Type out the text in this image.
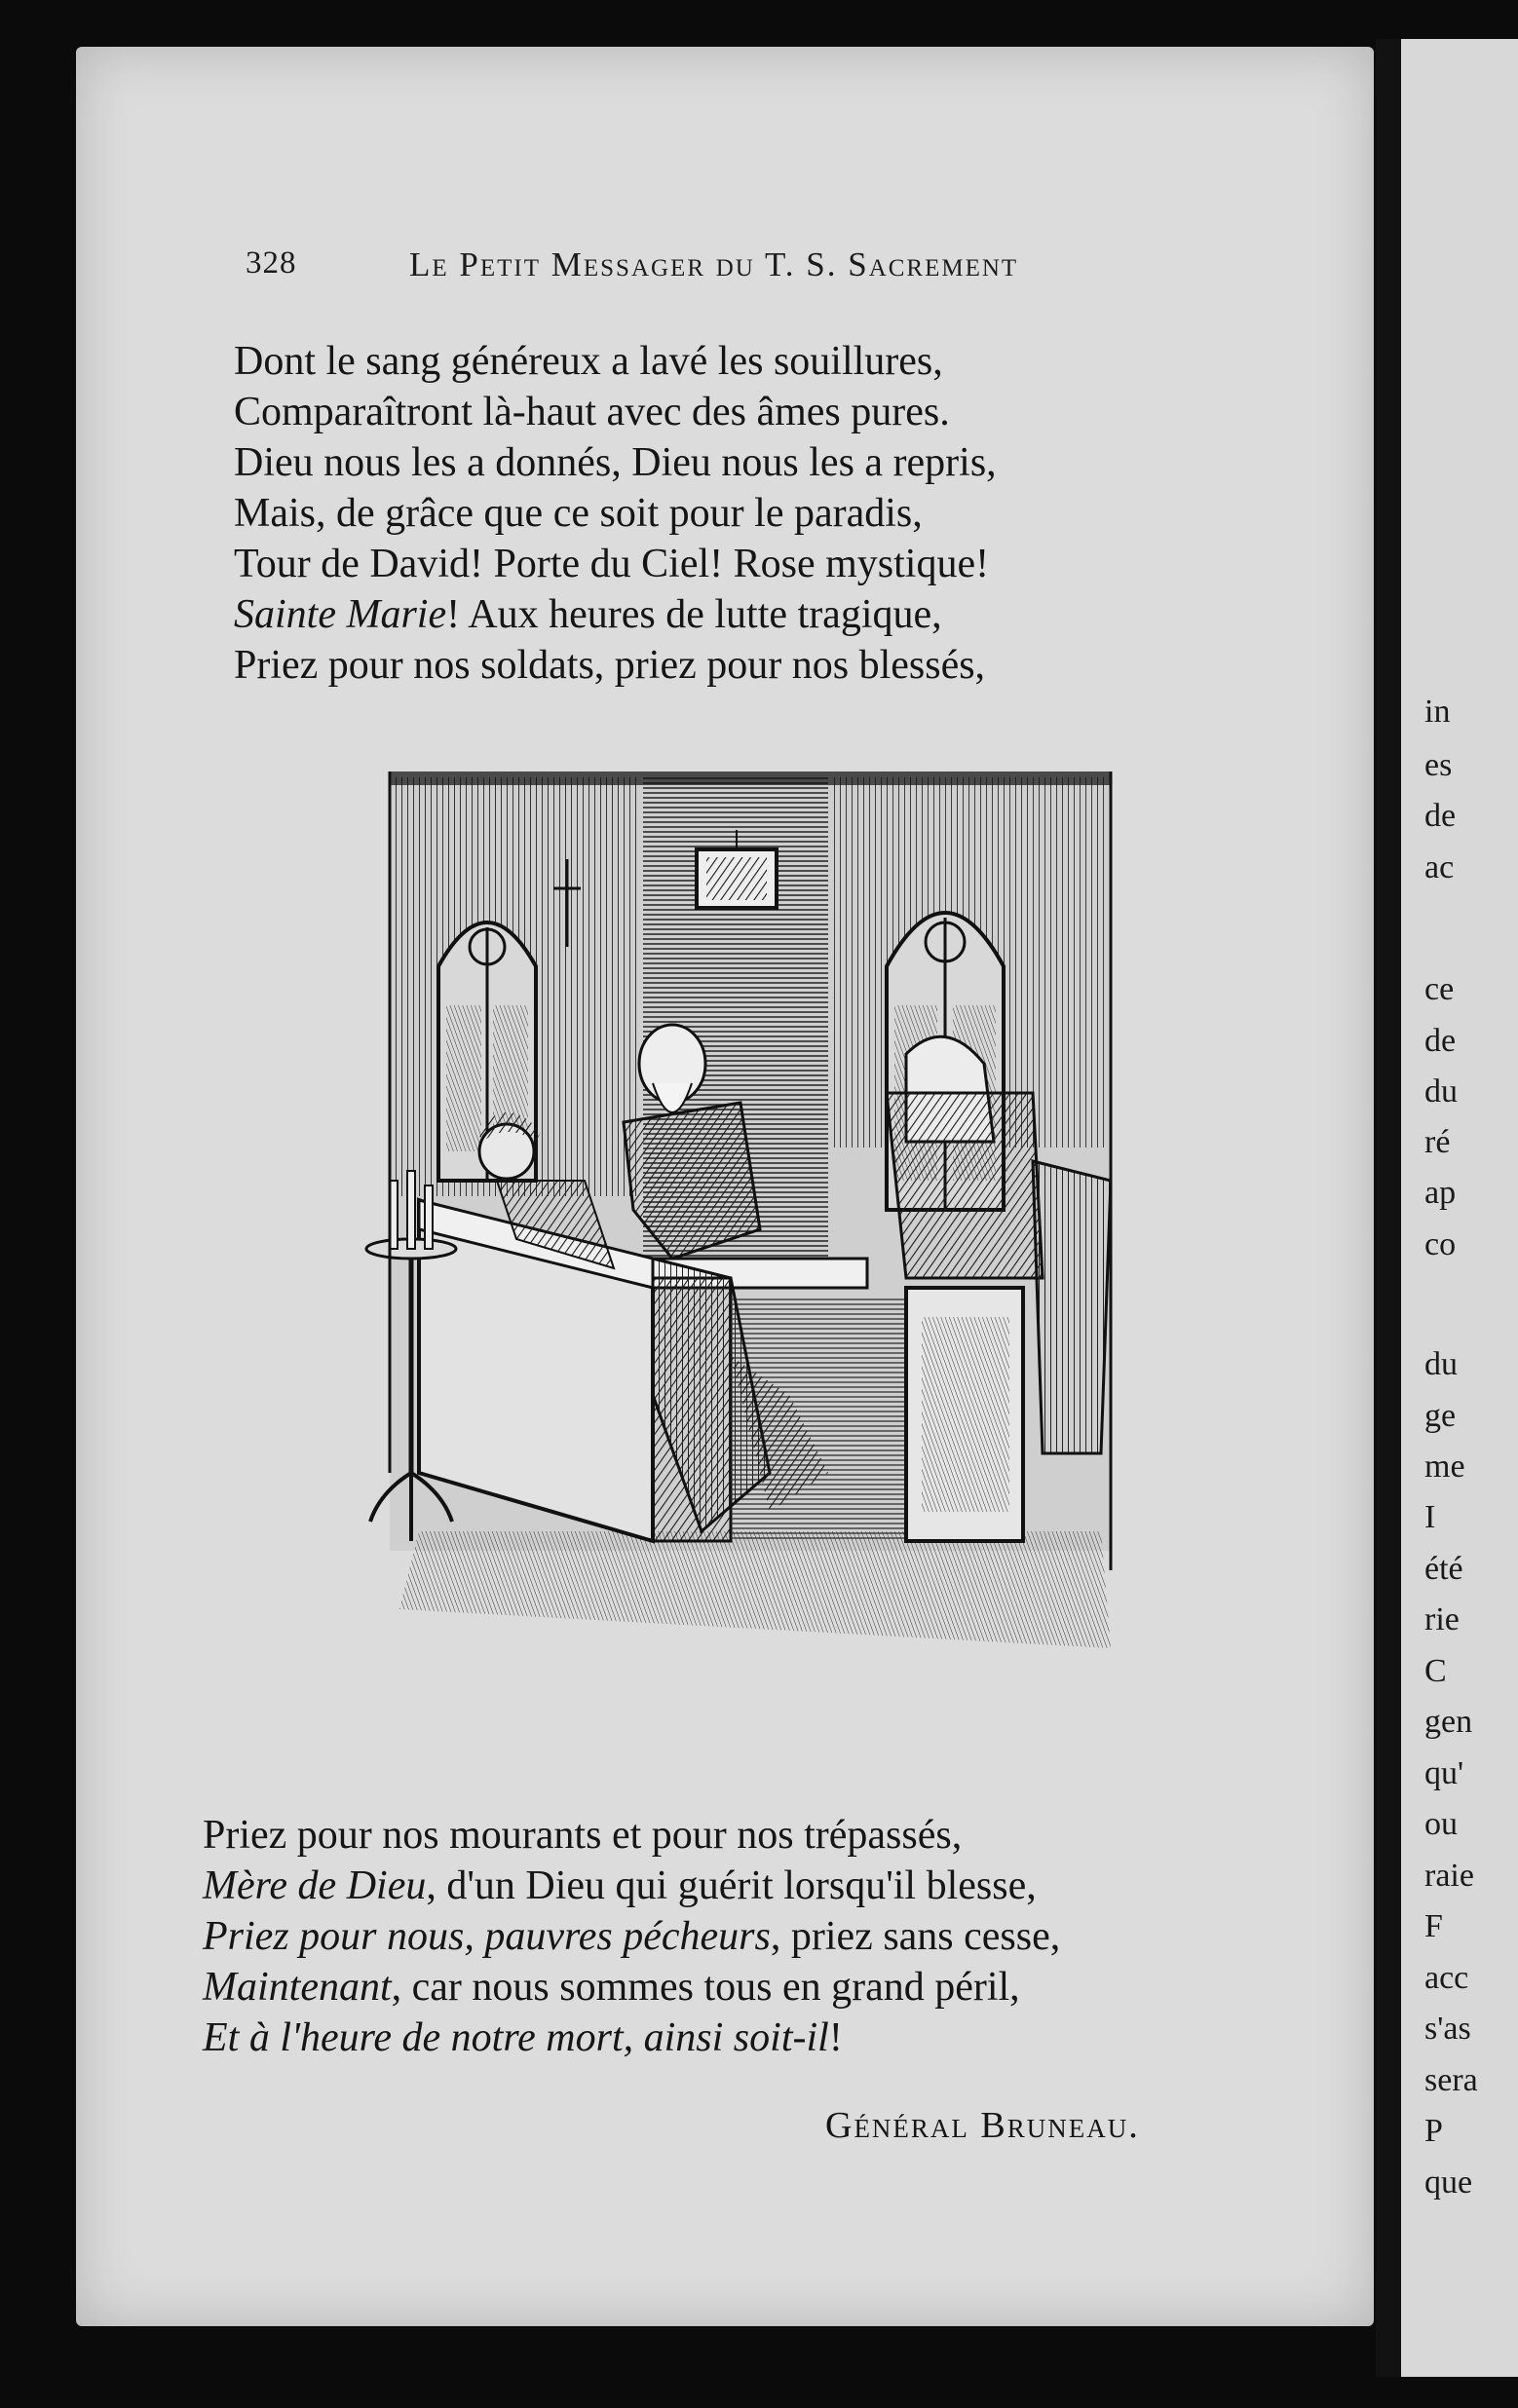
328	Le Petit Messager du T. S. Sacrement
Dont le sang généreux a lavé les souillures,
Comparaîtront là-haut avec des âmes pures.
Dieu nous les a donnés, Dieu nous les a repris,
Mais, de grâce que ce soit pour le paradis,
Tour de David! Porte du Ciel! Rose mystique!
Sainte Marie! Aux heures de lutte tragique,
Priez pour nos soldats, priez pour nos blessés,
Priez pour nos mourants et pour nos trépassés,
Mère de Dieu, d'un Dieu qui guérit lorsqu'il blesse,
Priez pour nous, pauvres pécheurs, priez sans cesse,
Maintenant, car nous sommes tous en grand péril,
Et à l'heure de notre mort, ainsi soit-il!
Général Bruneau.
in
es
de
ac
ce
de
du
ré
ap
co
du
ge
me
I
été
rie
C
gen
qu'
ou
raie
F
acc
s'as
sera
P
que
